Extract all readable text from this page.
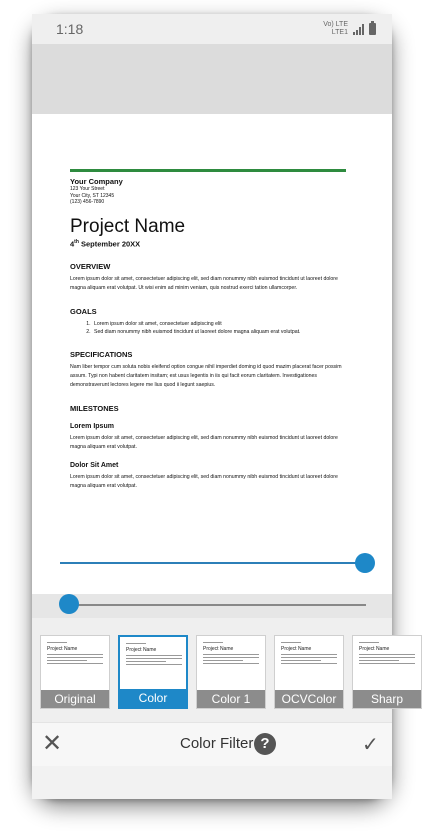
1:18	Vo) LTE
LTE1
Your Company
123 Your Street
Your City, ST 12345
(123) 456-7890
Project Name
4th September 20XX
OVERVIEW
Lorem ipsum dolor sit amet, consectetuer adipiscing elit, sed diam nonummy nibh euismod tincidunt ut laoreet dolore magna aliquam erat volutpat. Ut wisi enim ad minim veniam, quis nostrud exerci tation ullamcorper.
GOALS
1. Lorem ipsum dolor sit amet, consectetuer adipiscing elit
2. Sed diam nonummy nibh euismod tincidunt ut laoreet dolore magna aliquam erat volutpat.
SPECIFICATIONS
Nam liber tempor cum soluta nobis eleifend option congue nihil imperdiet doming id quod mazim placerat facer possim assum. Typi non habent claritatem insitam; est usus legentis in iis qui facit eorum claritatem. Investigationes demonstraverunt lectores legere me lius quod ii legunt saepius.
MILESTONES
Lorem Ipsum
Lorem ipsum dolor sit amet, consectetuer adipiscing elit, sed diam nonummy nibh euismod tincidunt ut laoreet dolore magna aliquam erat volutpat.
Dolor Sit Amet
Lorem ipsum dolor sit amet, consectetuer adipiscing elit, sed diam nonummy nibh euismod tincidunt ut laoreet dolore magna aliquam erat volutpat.
Project Name
Original
Project Name
Color
Project Name
Color 1
Project Name
OCVColor
Project Name
Sharp
✕	Color Filter ?	✓
